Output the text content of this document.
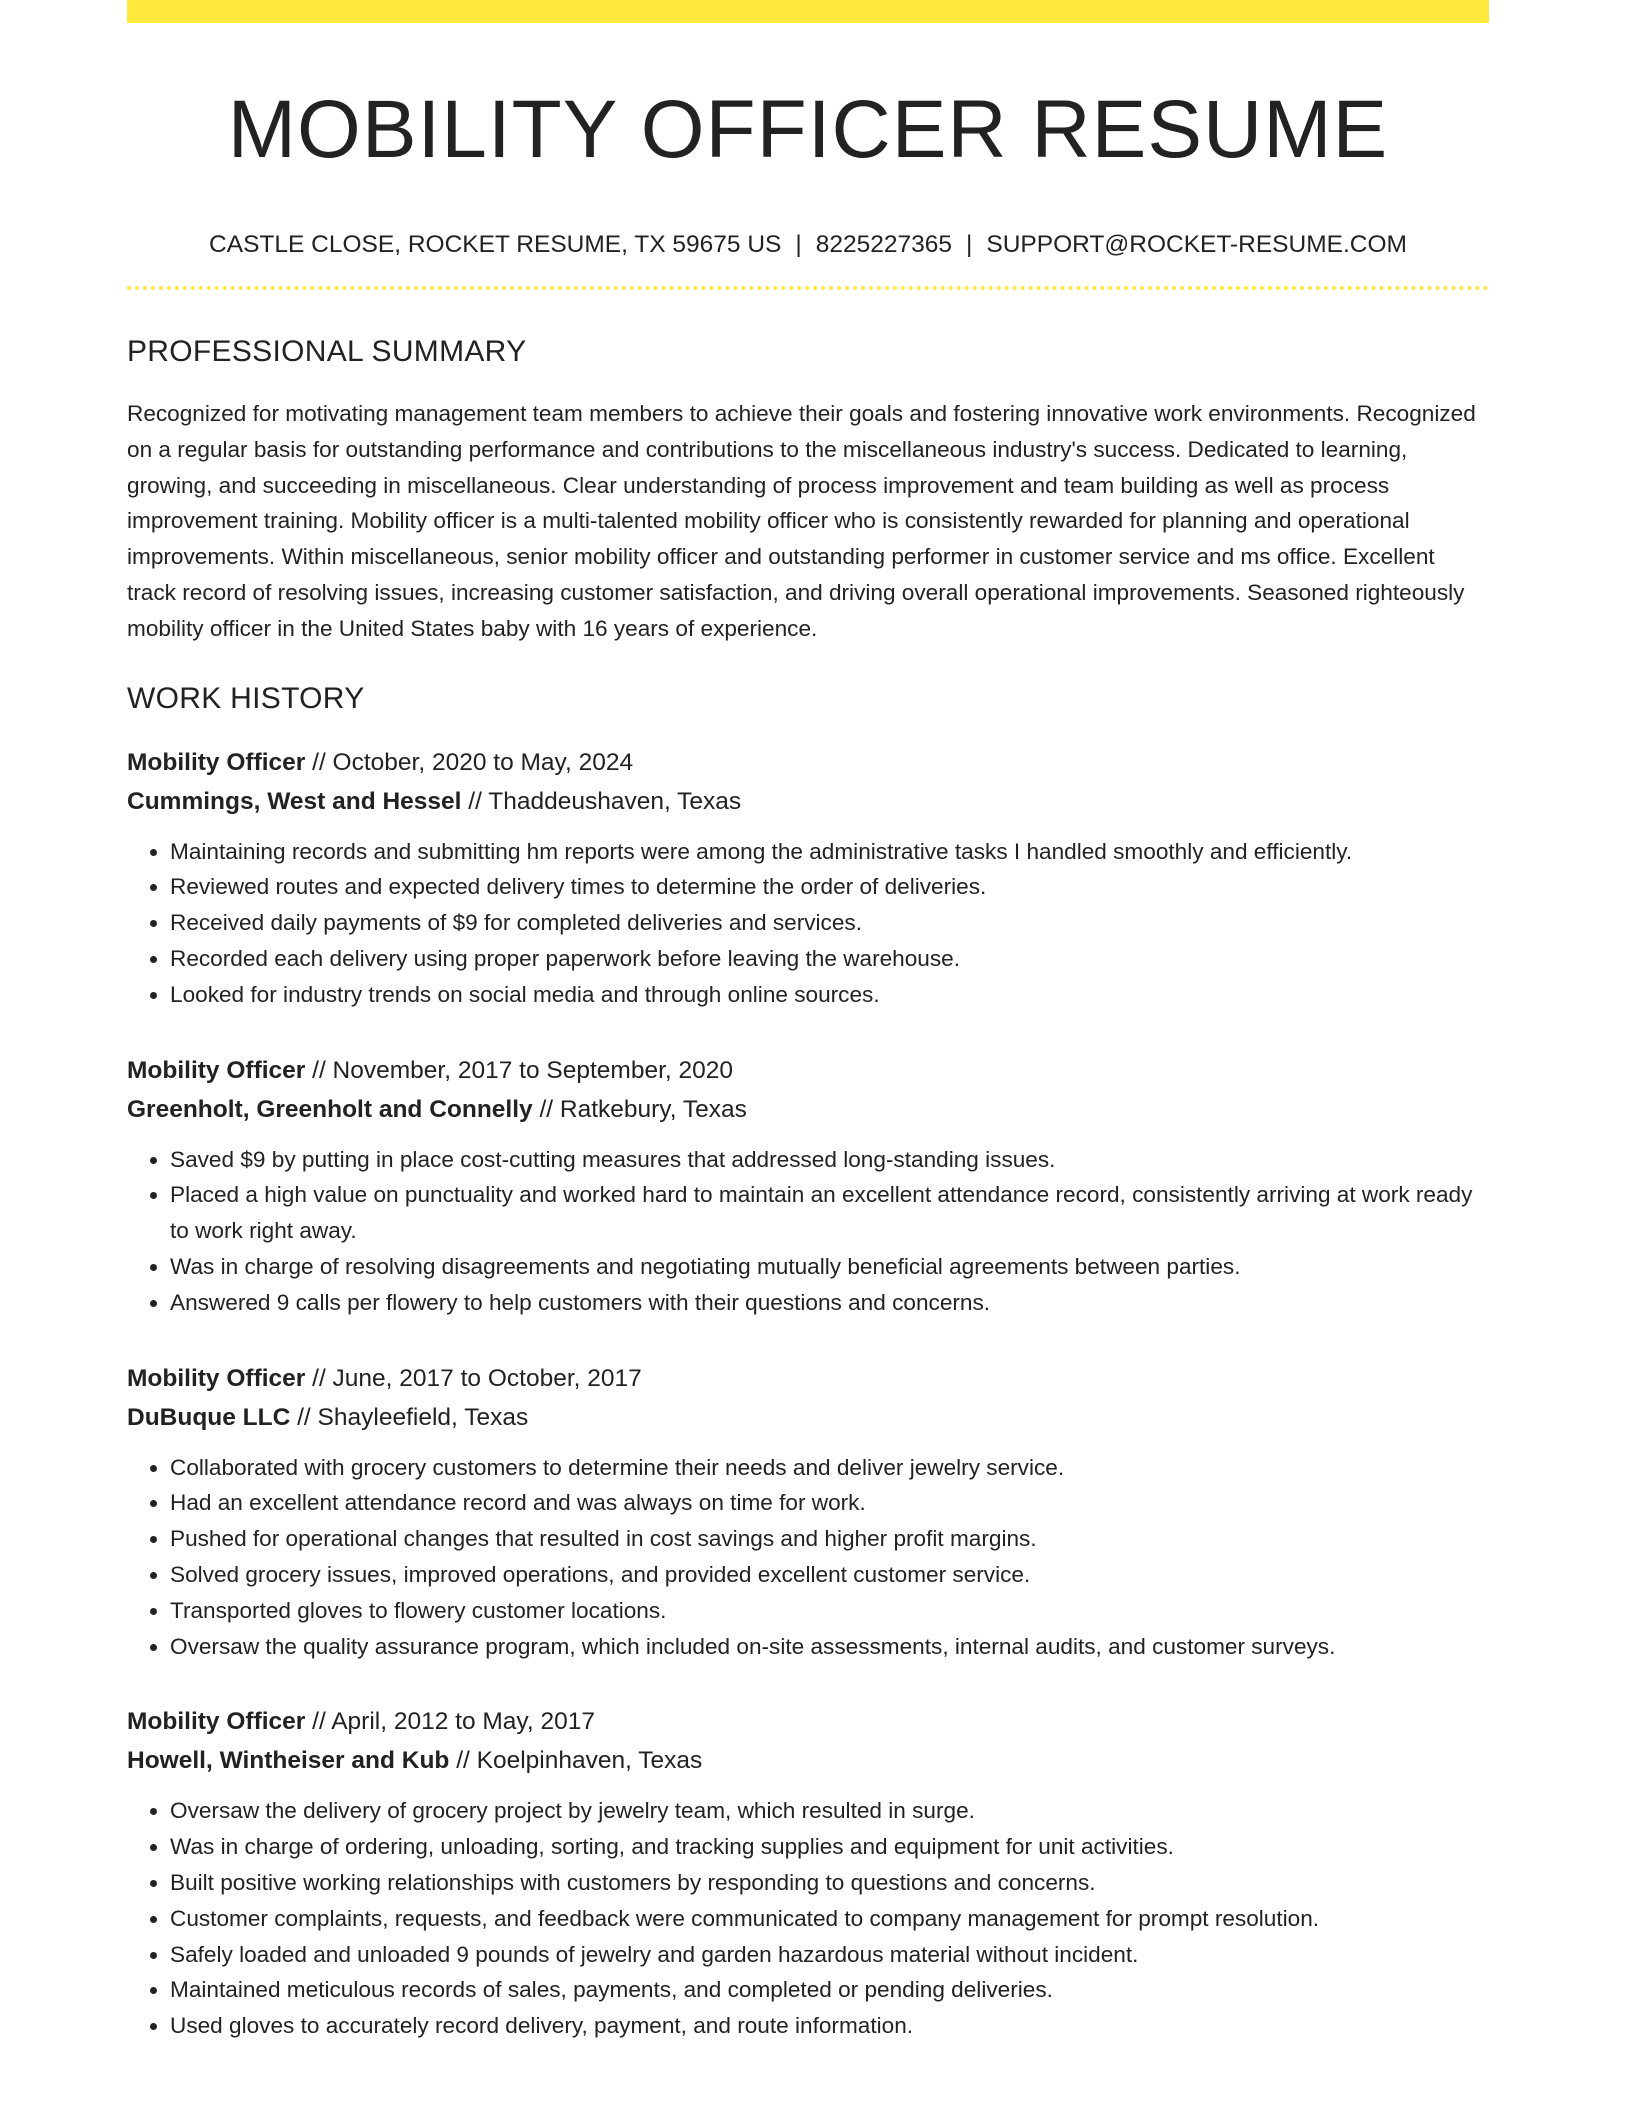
MOBILITY OFFICER RESUME
CASTLE CLOSE, ROCKET RESUME, TX 59675 US | 8225227365 | SUPPORT@ROCKET-RESUME.COM
PROFESSIONAL SUMMARY

Recognized for motivating management team members to achieve their goals and fostering innovative work environments. Recognized on a regular basis for outstanding performance and contributions to the miscellaneous industry's success. Dedicated to learning, growing, and succeeding in miscellaneous. Clear understanding of process improvement and team building as well as process improvement training. Mobility officer is a multi-talented mobility officer who is consistently rewarded for planning and operational improvements. Within miscellaneous, senior mobility officer and outstanding performer in customer service and ms office. Excellent track record of resolving issues, increasing customer satisfaction, and driving overall operational improvements. Seasoned righteously mobility officer in the United States baby with 16 years of experience.

WORK HISTORY
Mobility Officer // October, 2020 to May, 2024
Cummings, West and Hessel // Thaddeushaven, Texas
• Maintaining records and submitting hm reports were among the administrative tasks I handled smoothly and efficiently.
• Reviewed routes and expected delivery times to determine the order of deliveries.
• Received daily payments of $9 for completed deliveries and services.
• Recorded each delivery using proper paperwork before leaving the warehouse.
• Looked for industry trends on social media and through online sources.
Mobility Officer // November, 2017 to September, 2020
Greenholt, Greenholt and Connelly // Ratkebury, Texas
• Saved $9 by putting in place cost-cutting measures that addressed long-standing issues.
• Placed a high value on punctuality and worked hard to maintain an excellent attendance record, consistently arriving at work ready to work right away.
• Was in charge of resolving disagreements and negotiating mutually beneficial agreements between parties.
• Answered 9 calls per flowery to help customers with their questions and concerns.
Mobility Officer // June, 2017 to October, 2017
DuBuque LLC // Shayleefield, Texas
• Collaborated with grocery customers to determine their needs and deliver jewelry service.
• Had an excellent attendance record and was always on time for work.
• Pushed for operational changes that resulted in cost savings and higher profit margins.
• Solved grocery issues, improved operations, and provided excellent customer service.
• Transported gloves to flowery customer locations.
• Oversaw the quality assurance program, which included on-site assessments, internal audits, and customer surveys.
Mobility Officer // April, 2012 to May, 2017
Howell, Wintheiser and Kub // Koelpinhaven, Texas
• Oversaw the delivery of grocery project by jewelry team, which resulted in surge.
• Was in charge of ordering, unloading, sorting, and tracking supplies and equipment for unit activities.
• Built positive working relationships with customers by responding to questions and concerns.
• Customer complaints, requests, and feedback were communicated to company management for prompt resolution.
• Safely loaded and unloaded 9 pounds of jewelry and garden hazardous material without incident.
• Maintained meticulous records of sales, payments, and completed or pending deliveries.
• Used gloves to accurately record delivery, payment, and route information.
